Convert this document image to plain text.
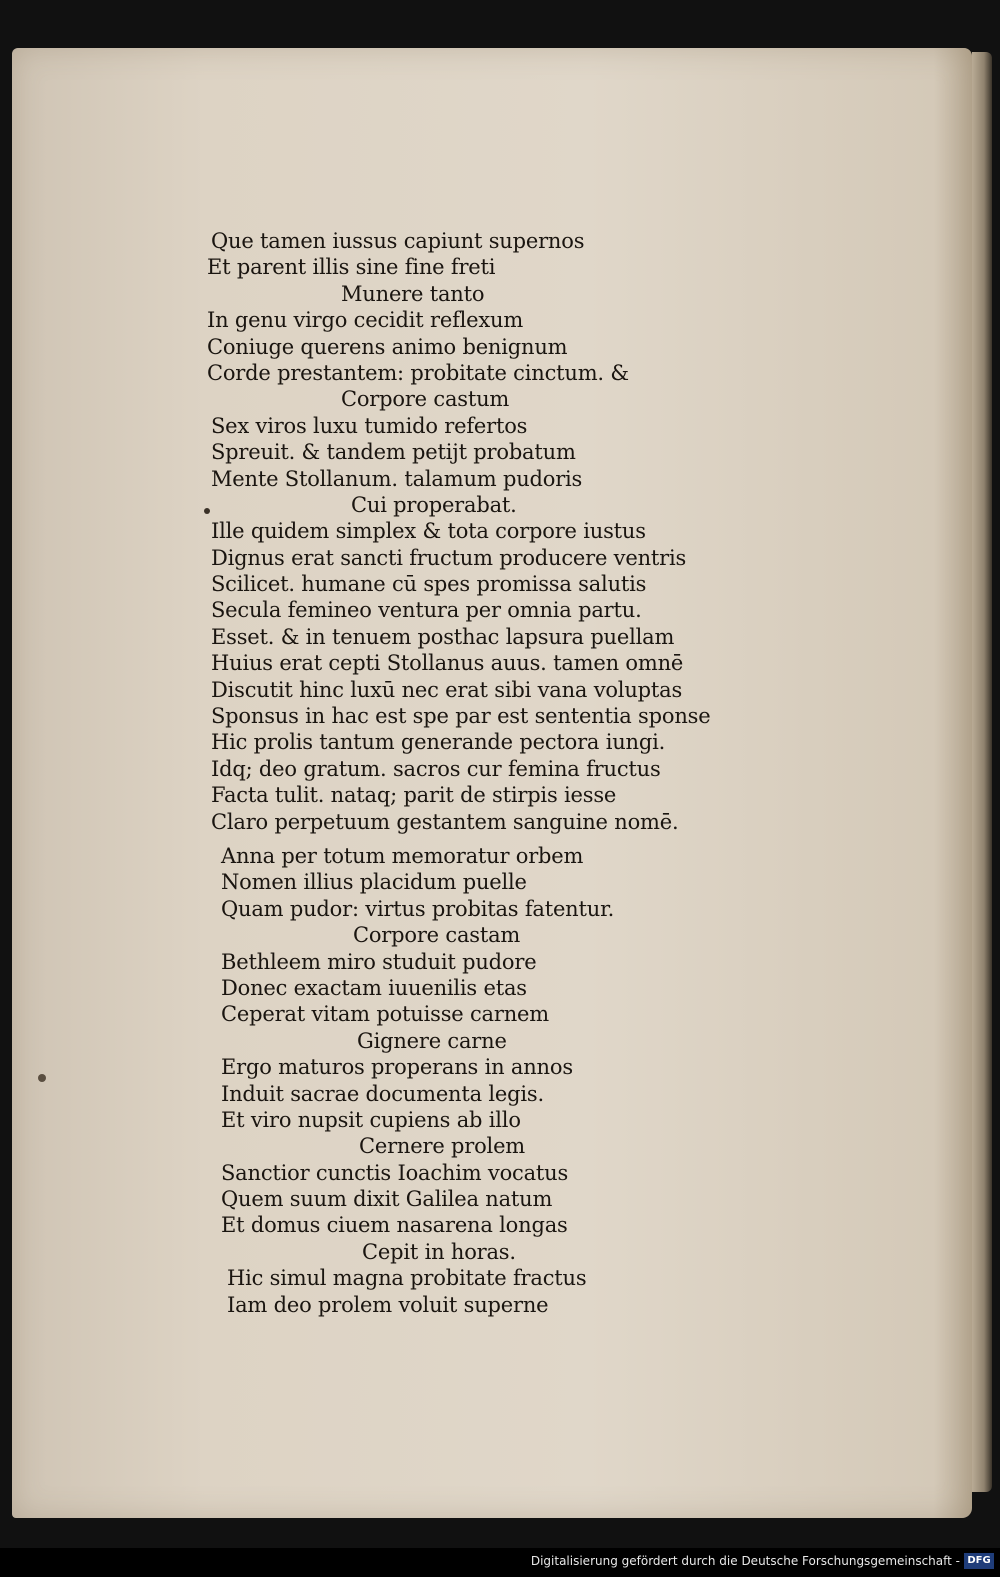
Que tamen iussus capiunt supernos
Et parent illis sine fine freti
Munere tanto
In genu virgo cecidit reflexum
Coniuge querens animo benignum
Corde prestantem: probitate cinctum. &
Corpore castum
Sex viros luxu tumido refertos
Spreuit. & tandem petijt probatum
Mente Stollanum. talamum pudoris
Cui properabat.
Ille quidem simplex & tota corpore iustus
Dignus erat sancti fructum producere ventris
Scilicet. humane cū spes promissa salutis
Secula femineo ventura per omnia partu.
Esset. & in tenuem posthac lapsura puellam
Huius erat cepti Stollanus auus. tamen omnē
Discutit hinc luxū nec erat sibi vana voluptas
Sponsus in hac est spe par est sententia sponse
Hic prolis tantum generande pectora iungi.
Idq; deo gratum. sacros cur femina fructus
Facta tulit. nataq; parit de stirpis iesse
Claro perpetuum gestantem sanguine nomē.
Anna per totum memoratur orbem
Nomen illius placidum puelle
Quam pudor: virtus probitas fatentur.
Corpore castam
Bethleem miro studuit pudore
Donec exactam iuuenilis etas
Ceperat vitam potuisse carnem
Gignere carne
Ergo maturos properans in annos
Induit sacrae documenta legis.
Et viro nupsit cupiens ab illo
Cernere prolem
Sanctior cunctis Ioachim vocatus
Quem suum dixit Galilea natum
Et domus ciuem nasarena longas
Cepit in horas.
Hic simul magna probitate fractus
Iam deo prolem voluit superne
Digitalisierung gefördert durch die Deutsche Forschungsgemeinschaft - DFG
